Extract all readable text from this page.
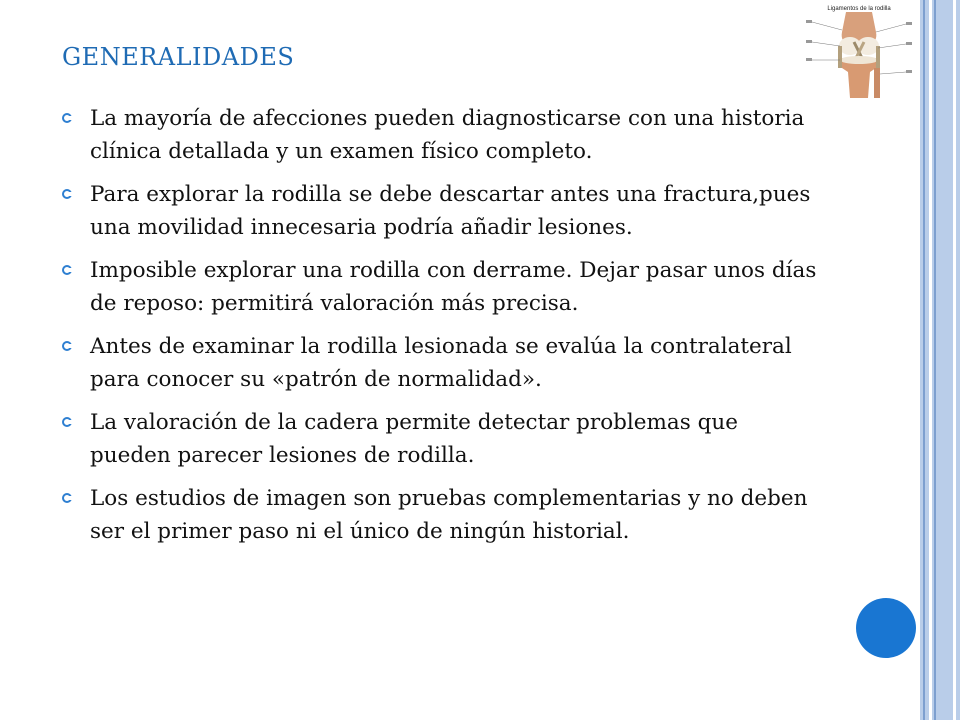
Ligamentos de la rodilla
GENERALIDADES
La mayoría de afecciones pueden diagnosticarse con una historia clínica detallada y un examen físico completo.
Para explorar la rodilla se debe descartar antes una fractura,pues una movilidad innecesaria podría añadir lesiones.
Imposible explorar una rodilla con derrame. Dejar pasar unos días de reposo: permitirá valoración más precisa.
Antes de examinar la rodilla lesionada se evalúa la contralateral para conocer su «patrón de normalidad».
La valoración de la cadera permite detectar problemas que pueden parecer lesiones de rodilla.
Los estudios de imagen son pruebas complementarias y no deben ser el primer paso ni el único de ningún historial.
